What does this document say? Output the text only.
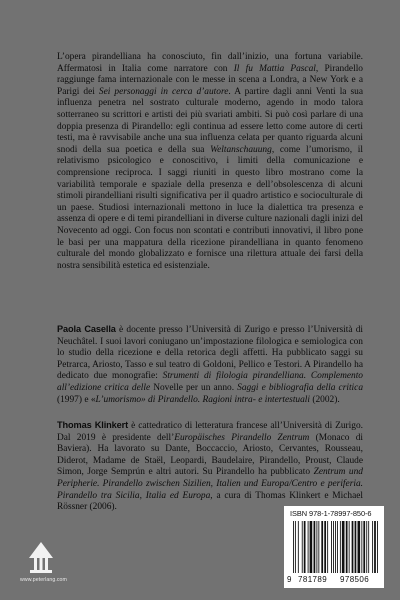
L’opera pirandelliana ha conosciuto, fin dall’inizio, una fortuna variabile. Affermatosi in Italia come narratore con Il fu Mattia Pascal, Pirandello raggiunge fama internazionale con le messe in scena a Londra, a New York e a Parigi dei Sei personaggi in cerca d’autore. A partire dagli anni Venti la sua influenza penetra nel sostrato culturale moderno, agendo in modo talora sotterraneo su scrittori e artisti dei più svariati ambiti. Si può così parlare di una doppia presenza di Pirandello: egli continua ad essere letto come autore di certi testi, ma è ravvisabile anche una sua influenza celata per quanto riguarda alcuni snodi della sua poetica e della sua Weltanschauung, come l’umorismo, il relativismo psicologico e conoscitivo, i limiti della comunicazione e comprensione reciproca. I saggi riuniti in questo libro mostrano come la variabilità temporale e spaziale della presenza e dell’obsolescenza di alcuni stimoli pirandelliani risulti significativa per il quadro artistico e socioculturale di un paese. Studiosi internazionali mettono in luce la dialettica tra presenza e assenza di opere e di temi pirandelliani in diverse culture nazionali dagli inizi del Novecento ad oggi. Con focus non scontati e contributi innovativi, il libro pone le basi per una mappatura della ricezione pirandelliana in quanto fenomeno culturale del mondo globalizzato e fornisce una rilettura attuale dei farsi della nostra sensibilità estetica ed esistenziale.

Paola Casella è docente presso l’Università di Zurigo e presso l’Università di Neuchâtel. I suoi lavori coniugano un’impostazione filologica e semiologica con lo studio della ricezione e della retorica degli affetti. Ha pubblicato saggi su Petrarca, Ariosto, Tasso e sul teatro di Goldoni, Pellico e Testori. A Pirandello ha dedicato due monografie: Strumenti di filologia pirandelliana. Complemento all’edizione critica delle Novelle per un anno. Saggi e bibliografia della critica (1997) e «L’umorismo» di Pirandello. Ragioni intra- e intertestuali (2002).

Thomas Klinkert è cattedratico di letteratura francese all’Università di Zurigo. Dal 2019 è presidente dell’Europäisches Pirandello Zentrum (Monaco di Baviera). Ha lavorato su Dante, Boccaccio, Ariosto, Cervantes, Rousseau, Diderot, Madame de Staël, Leopardi, Baudelaire, Pirandello, Proust, Claude Simon, Jorge Semprún e altri autori. Su Pirandello ha pubblicato Zentrum und Peripherie. Pirandello zwischen Sizilien, Italien und Europa/Centro e periferia. Pirandello tra Sicilia, Italia ed Europa, a cura di Thomas Klinkert e Michael Rössner (2006).

www.peterlang.com
ISBN 978-1-78997-850-6
9 781789 978506
